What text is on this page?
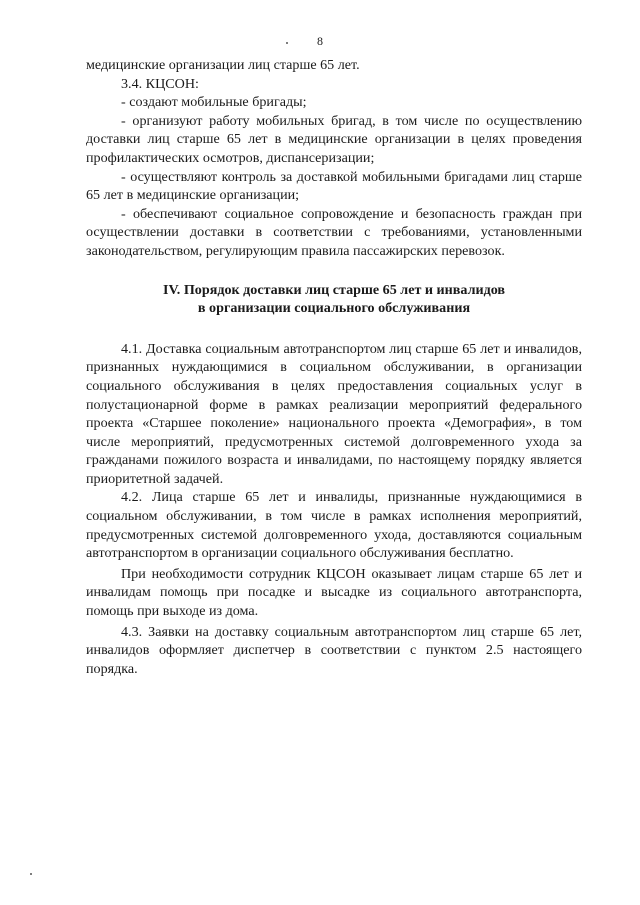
8

медицинские организации лиц старше 65 лет.

3.4. КЦСОН:

- создают мобильные бригады;

- организуют работу мобильных бригад, в том числе по осуществлению доставки лиц старше 65 лет в медицинские организации в целях проведения профилактических осмотров, диспансеризации;

- осуществляют контроль за доставкой мобильными бригадами лиц старше 65 лет в медицинские организации;

- обеспечивают социальное сопровождение и безопасность граждан при осуществлении доставки в соответствии с требованиями, установленными законодательством, регулирующим правила пассажирских перевозок.

IV. Порядок доставки лиц старше 65 лет и инвалидов
в организации социального обслуживания

4.1. Доставка социальным автотранспортом лиц старше 65 лет и инвалидов, признанных нуждающимися в социальном обслуживании, в организации социального обслуживания в целях предоставления социальных услуг в полустационарной форме в рамках реализации мероприятий федерального проекта «Старшее поколение» национального проекта «Демография», в том числе мероприятий, предусмотренных системой долговременного ухода за гражданами пожилого возраста и инвалидами, по настоящему порядку является приоритетной задачей.

4.2. Лица старше 65 лет и инвалиды, признанные нуждающимися в социальном обслуживании, в том числе в рамках исполнения мероприятий, предусмотренных системой долговременного ухода, доставляются социальным автотранспортом в организации социального обслуживания бесплатно.

При необходимости сотрудник КЦСОН оказывает лицам старше 65 лет и инвалидам помощь при посадке и высадке из социального автотранспорта, помощь при выходе из дома.

4.3. Заявки на доставку социальным автотранспортом лиц старше 65 лет, инвалидов оформляет диспетчер в соответствии с пунктом 2.5 настоящего порядка.
